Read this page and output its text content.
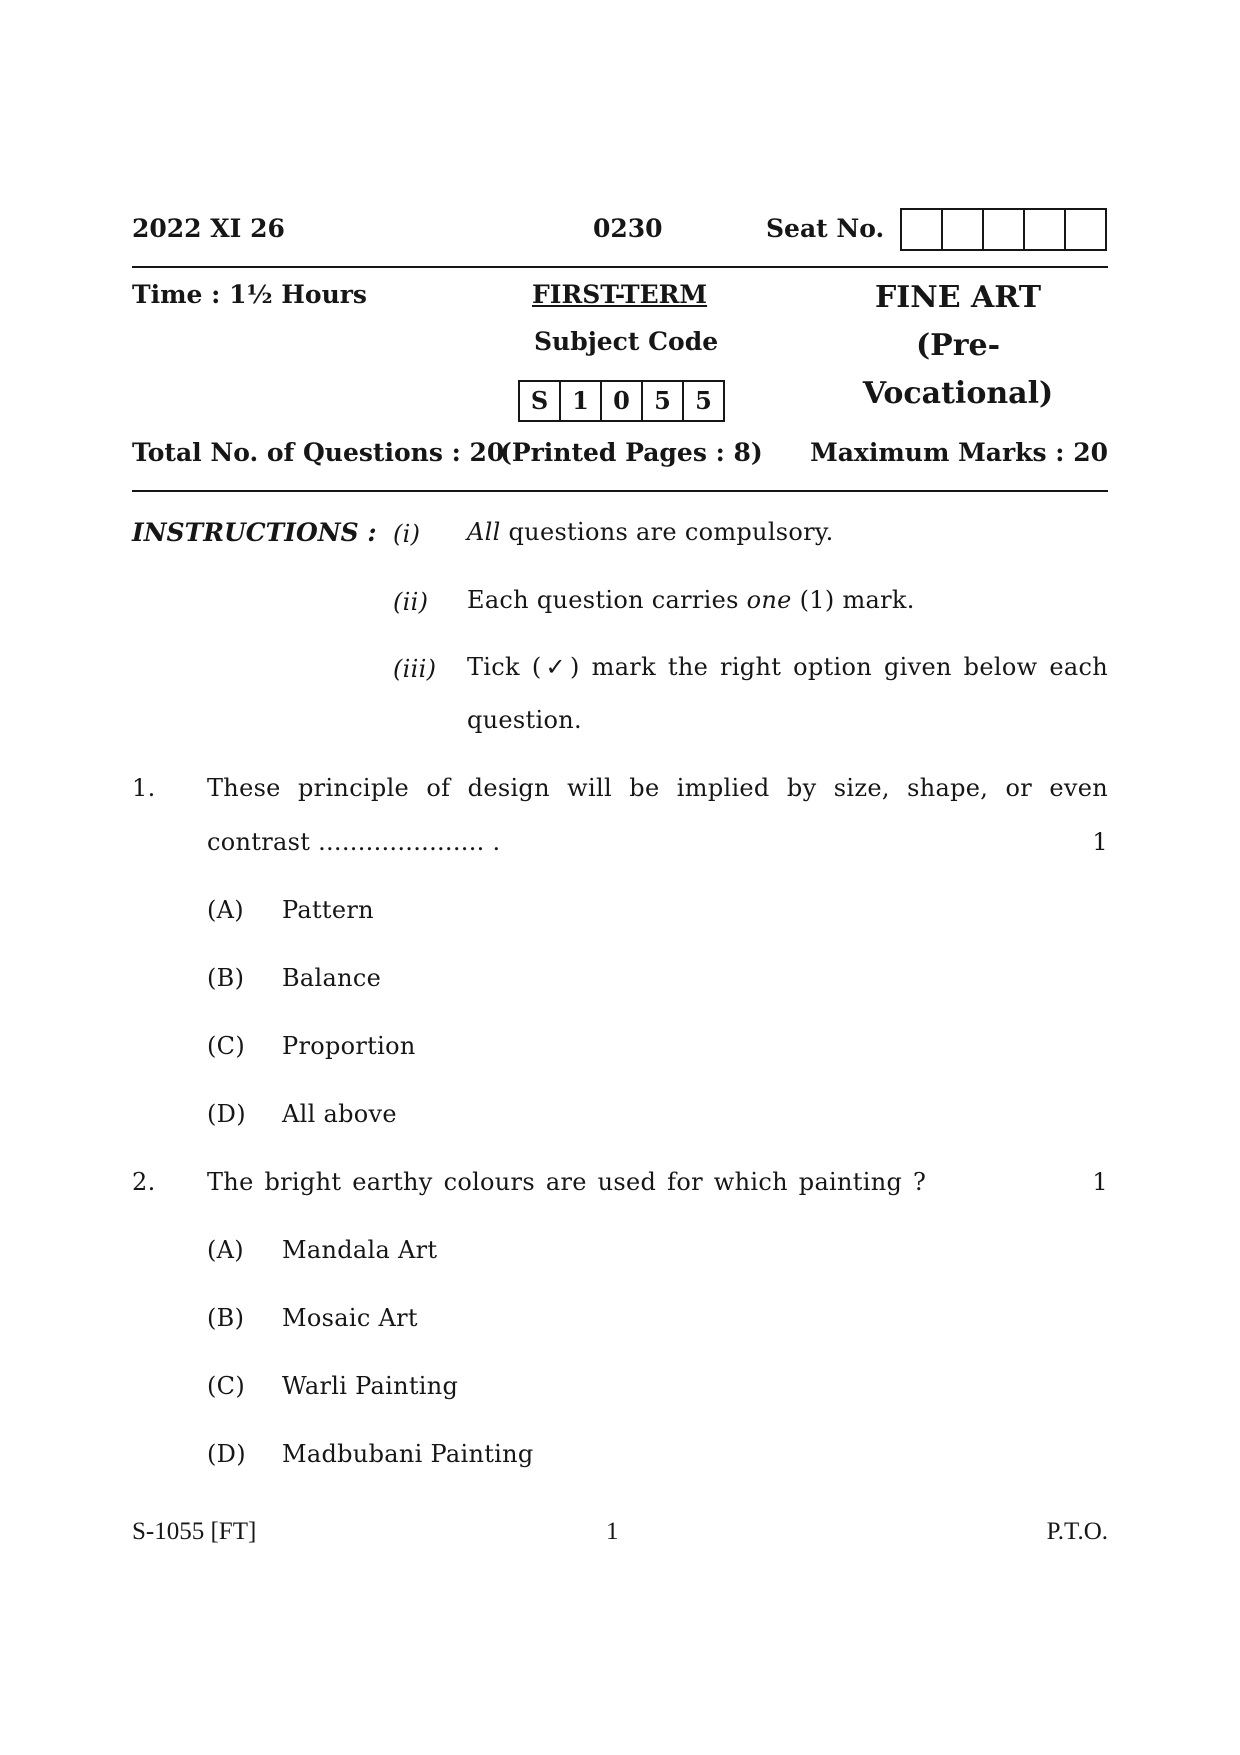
2022 XI 26	0230	Seat No.
Time : 1½ Hours	FIRST-TERM
Subject Code
S 1	0	5	5
FINE ART
(Pre-Vocational)
Total No. of Questions : 20
(Printed Pages : 8) Maximum Marks : 20
INSTRUCTIONS : (i) All questions are compulsory.
(ii) Each question carries one (1) mark.
(iii) Tick (✓) mark the right option given below each
question.
1. These principle of design will be implied by size, shape, or even
contrast ..................... .	1
(A) Pattern
(B) Balance
(C) Proportion
(D) All above
2. The bright earthy colours are used for which painting ?	1
(A) Mandala Art
(B) Mosaic Art
(C) Warli Painting
(D) Madbubani Painting
S-1055 [FT]	1	P.T.O.
